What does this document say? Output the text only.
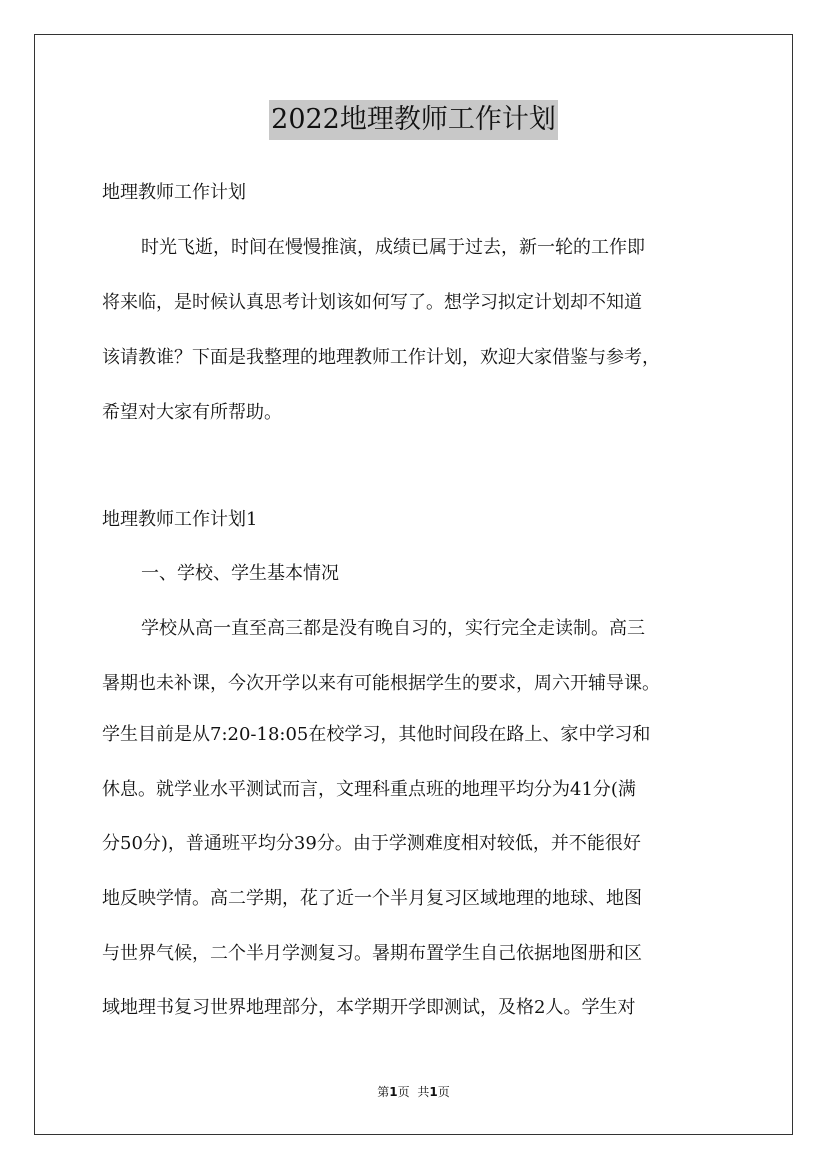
2022地理教师工作计划
地理教师工作计划
时光飞逝，时间在慢慢推演，成绩已属于过去，新一轮的工作即
将来临，是时候认真思考计划该如何写了。想学习拟定计划却不知道
该请教谁？下面是我整理的地理教师工作计划，欢迎大家借鉴与参考，
希望对大家有所帮助。
地理教师工作计划1
一、学校、学生基本情况
学校从高一直至高三都是没有晚自习的，实行完全走读制。高三
暑期也未补课，今次开学以来有可能根据学生的要求，周六开辅导课。
学生目前是从7:20-18:05在校学习，其他时间段在路上、家中学习和
休息。就学业水平测试而言，文理科重点班的地理平均分为41分(满
分50分)，普通班平均分39分。由于学测难度相对较低，并不能很好
地反映学情。高二学期，花了近一个半月复习区域地理的地球、地图
与世界气候，二个半月学测复习。暑期布置学生自己依据地图册和区
域地理书复习世界地理部分，本学期开学即测试，及格2人。学生对
第1页 共1页
